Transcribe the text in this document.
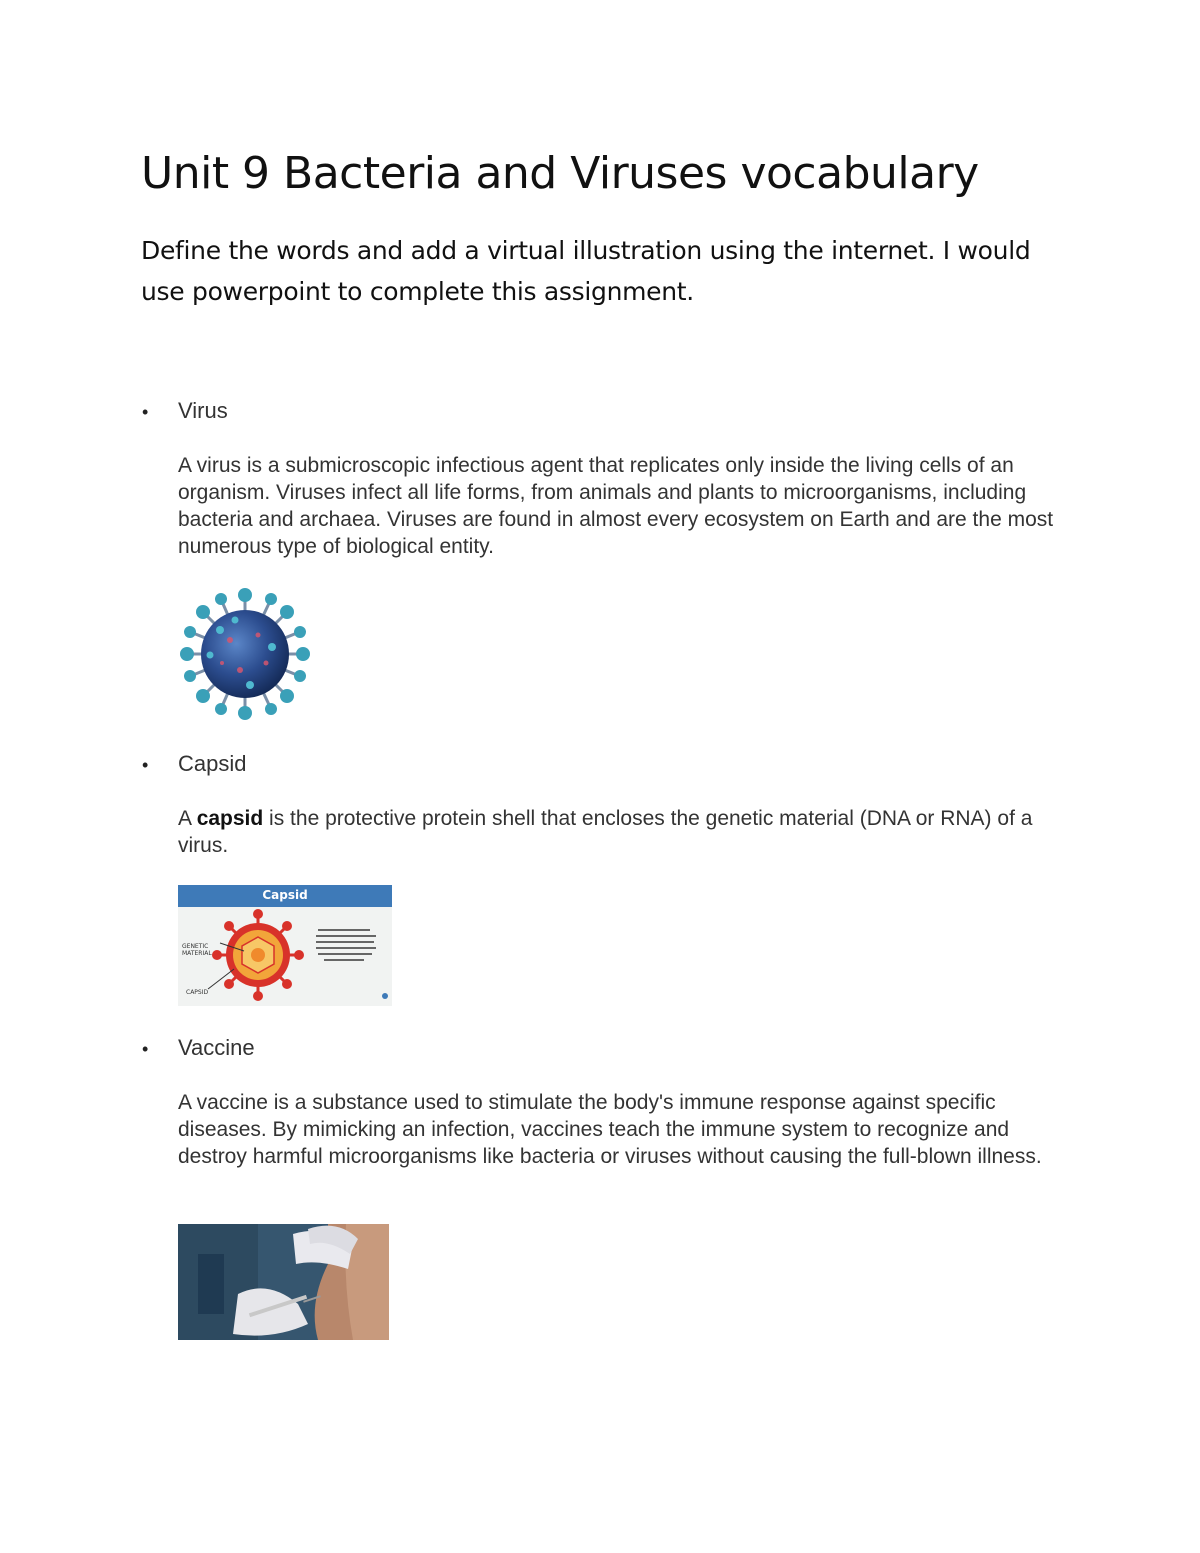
Unit 9 Bacteria and Viruses vocabulary

Define the words and add a virtual illustration using the internet. I would use powerpoint to complete this assignment.

• Virus

A virus is a submicroscopic infectious agent that replicates only inside the living cells of an organism. Viruses infect all life forms, from animals and plants to microorganisms, including bacteria and archaea. Viruses are found in almost every ecosystem on Earth and are the most numerous type of biological entity.

• Capsid

A capsid is the protective protein shell that encloses the genetic material (DNA or RNA) of a virus.

Capsid
GENETIC MATERIAL
CAPSID
• Vaccine

A vaccine is a substance used to stimulate the body's immune response against specific diseases. By mimicking an infection, vaccines teach the immune system to recognize and destroy harmful microorganisms like bacteria or viruses without causing the full-blown illness.
